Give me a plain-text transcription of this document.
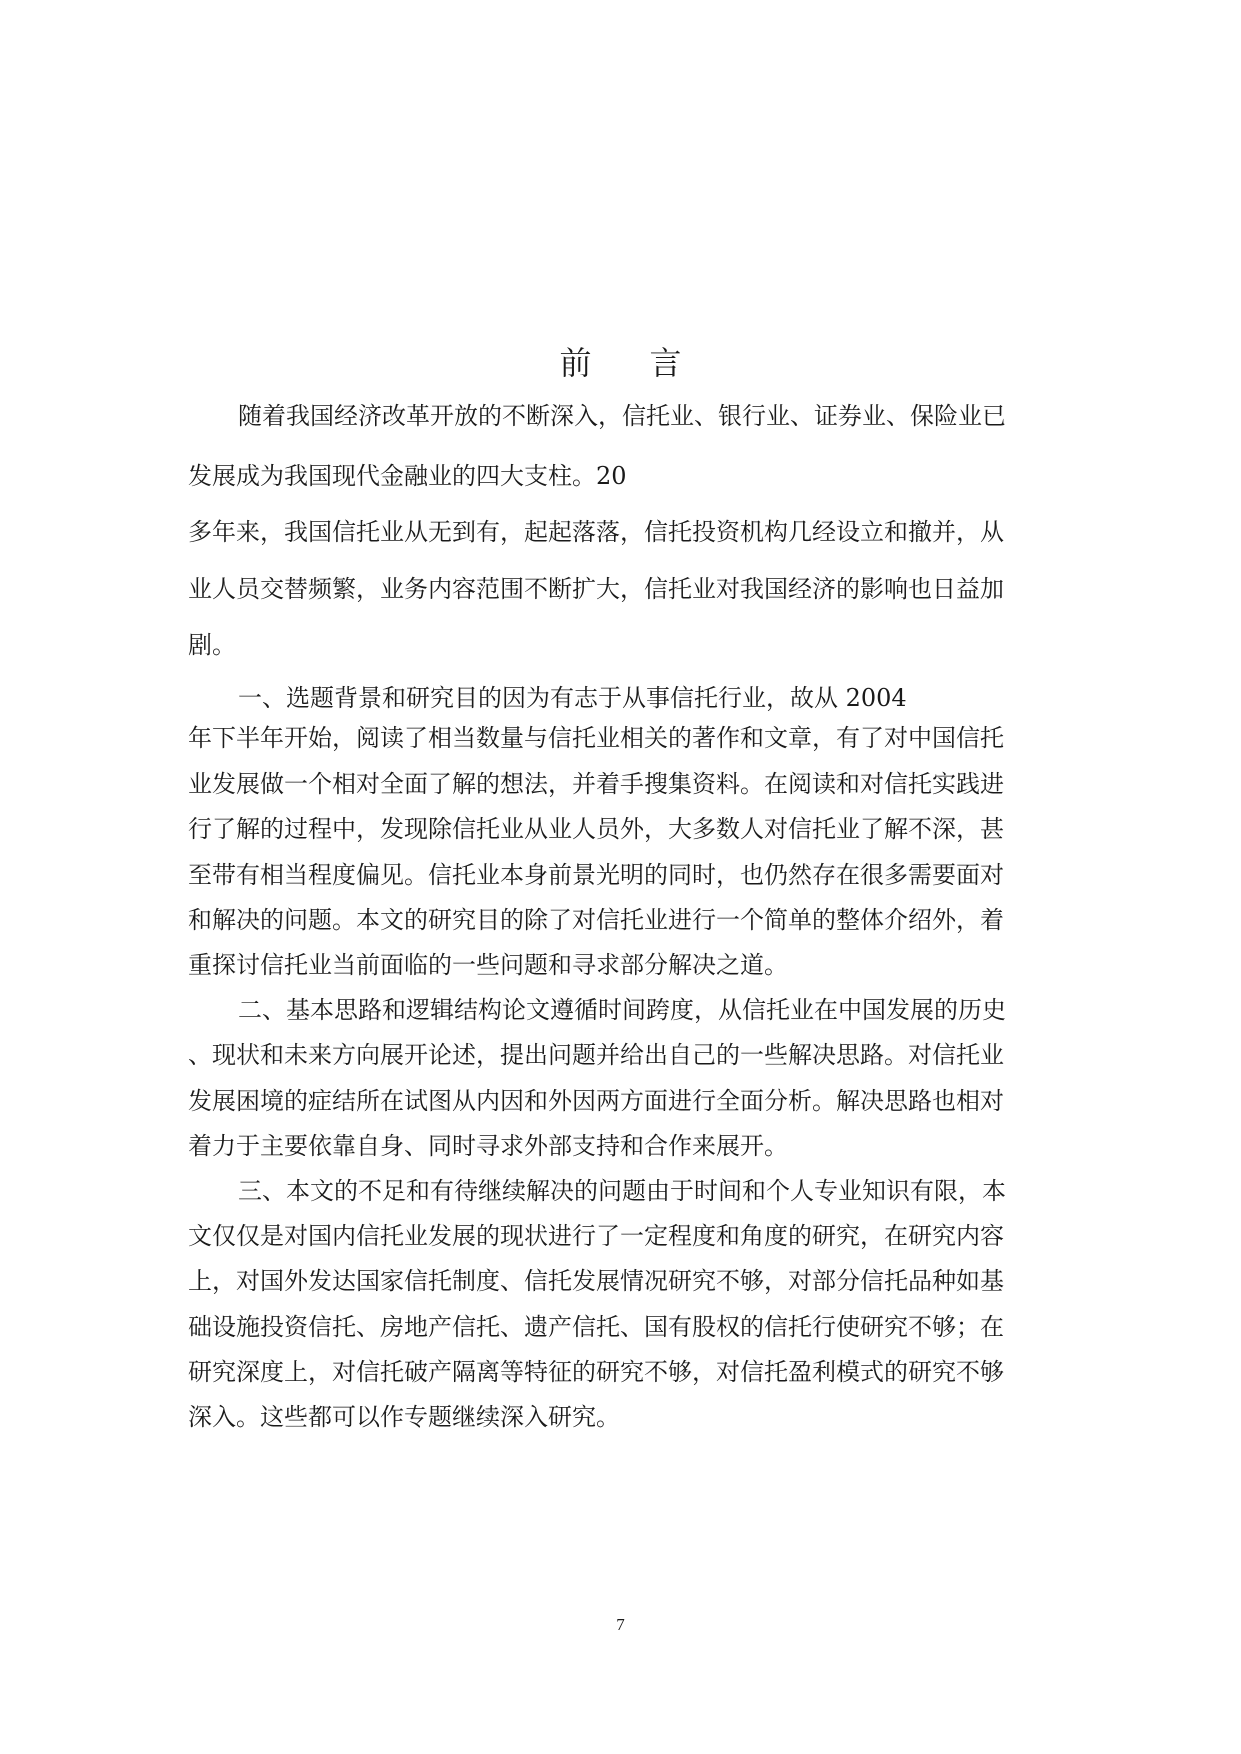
前 言
随着我国经济改革开放的不断深入，信托业、银行业、证券业、保险业已
发展成为我国现代金融业的四大支柱。20
多年来，我国信托业从无到有，起起落落，信托投资机构几经设立和撤并，从
业人员交替频繁，业务内容范围不断扩大，信托业对我国经济的影响也日益加
剧。
一、选题背景和研究目的因为有志于从事信托行业，故从 2004
年下半年开始，阅读了相当数量与信托业相关的著作和文章，有了对中国信托
业发展做一个相对全面了解的想法，并着手搜集资料。在阅读和对信托实践进
行了解的过程中，发现除信托业从业人员外，大多数人对信托业了解不深，甚
至带有相当程度偏见。信托业本身前景光明的同时，也仍然存在很多需要面对
和解决的问题。本文的研究目的除了对信托业进行一个简单的整体介绍外，着
重探讨信托业当前面临的一些问题和寻求部分解决之道。
二、基本思路和逻辑结构论文遵循时间跨度，从信托业在中国发展的历史
、现状和未来方向展开论述，提出问题并给出自己的一些解决思路。对信托业
发展困境的症结所在试图从内因和外因两方面进行全面分析。解决思路也相对
着力于主要依靠自身、同时寻求外部支持和合作来展开。
三、本文的不足和有待继续解决的问题由于时间和个人专业知识有限，本
文仅仅是对国内信托业发展的现状进行了一定程度和角度的研究，在研究内容
上，对国外发达国家信托制度、信托发展情况研究不够，对部分信托品种如基
础设施投资信托、房地产信托、遗产信托、国有股权的信托行使研究不够；在
研究深度上，对信托破产隔离等特征的研究不够，对信托盈利模式的研究不够
深入。这些都可以作专题继续深入研究。
7
